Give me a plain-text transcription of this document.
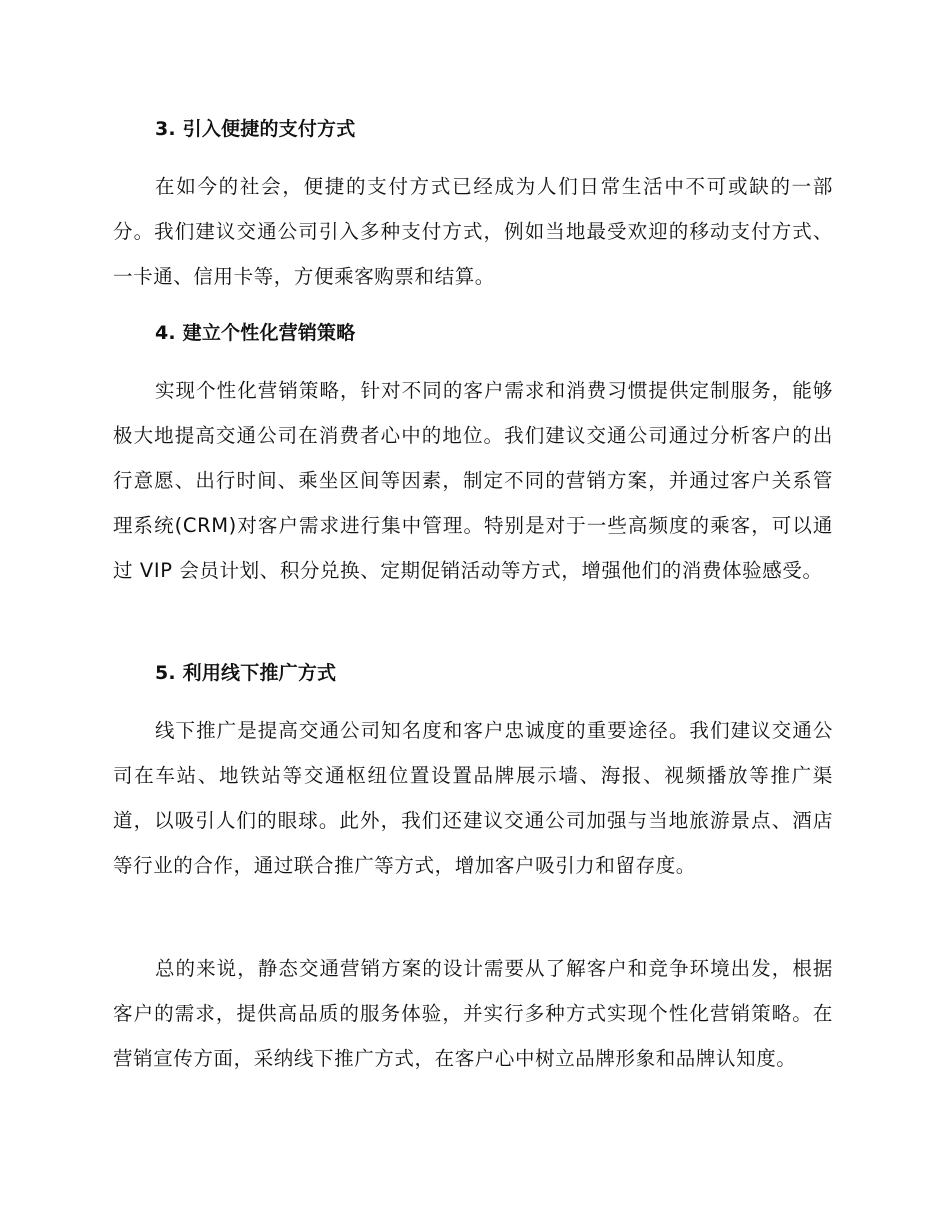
3. 引入便捷的支付方式

在如今的社会，便捷的支付方式已经成为人们日常生活中不可或缺的一部分。我们建议交通公司引入多种支付方式，例如当地最受欢迎的移动支付方式、一卡通、信用卡等，方便乘客购票和结算。

4. 建立个性化营销策略

实现个性化营销策略，针对不同的客户需求和消费习惯提供定制服务，能够极大地提高交通公司在消费者心中的地位。我们建议交通公司通过分析客户的出行意愿、出行时间、乘坐区间等因素，制定不同的营销方案，并通过客户关系管理系统(CRM)对客户需求进行集中管理。特别是对于一些高频度的乘客，可以通过 VIP 会员计划、积分兑换、定期促销活动等方式，增强他们的消费体验感受。

5. 利用线下推广方式

线下推广是提高交通公司知名度和客户忠诚度的重要途径。我们建议交通公司在车站、地铁站等交通枢纽位置设置品牌展示墙、海报、视频播放等推广渠道，以吸引人们的眼球。此外，我们还建议交通公司加强与当地旅游景点、酒店等行业的合作，通过联合推广等方式，增加客户吸引力和留存度。

总的来说，静态交通营销方案的设计需要从了解客户和竞争环境出发，根据客户的需求，提供高品质的服务体验，并实行多种方式实现个性化营销策略。在营销宣传方面，采纳线下推广方式，在客户心中树立品牌形象和品牌认知度。
